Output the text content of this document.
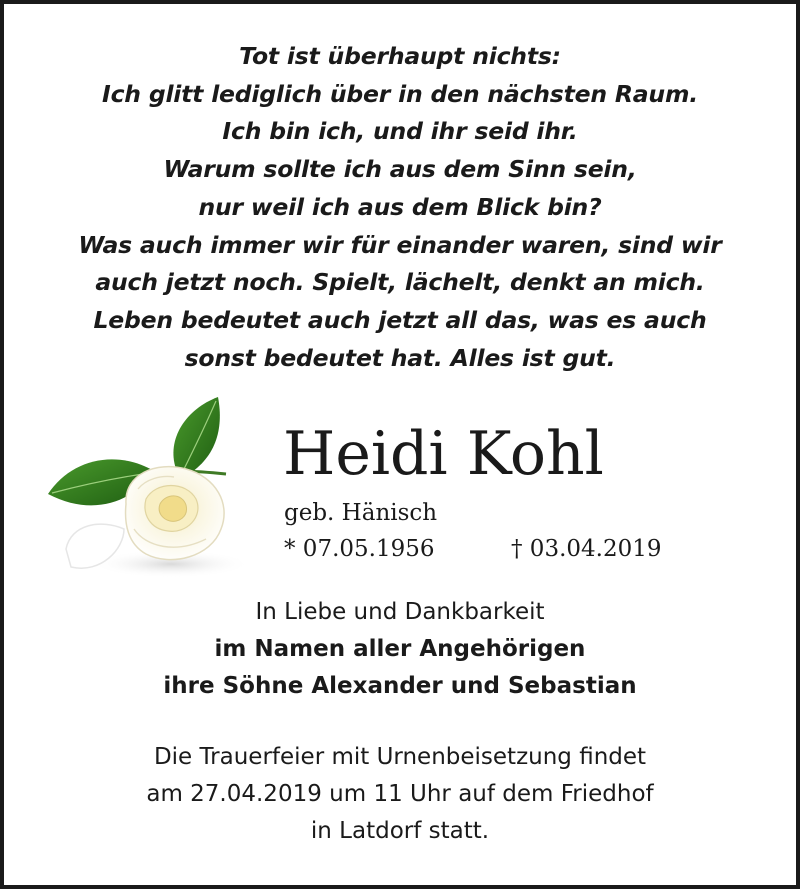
Tot ist überhaupt nichts:
Ich glitt lediglich über in den nächsten Raum.
Ich bin ich, und ihr seid ihr.
Warum sollte ich aus dem Sinn sein,
nur weil ich aus dem Blick bin?
Was auch immer wir für einander waren, sind wir
auch jetzt noch. Spielt, lächelt, denkt an mich.
Leben bedeutet auch jetzt all das, was es auch
sonst bedeutet hat. Alles ist gut.
Heidi Kohl
geb. Hänisch
* 07.05.1956	† 03.04.2019
In Liebe und Dankbarkeit
im Namen aller Angehörigen
ihre Söhne Alexander und Sebastian
Die Trauerfeier mit Urnenbeisetzung findet
am 27.04.2019 um 11 Uhr auf dem Friedhof
in Latdorf statt.
